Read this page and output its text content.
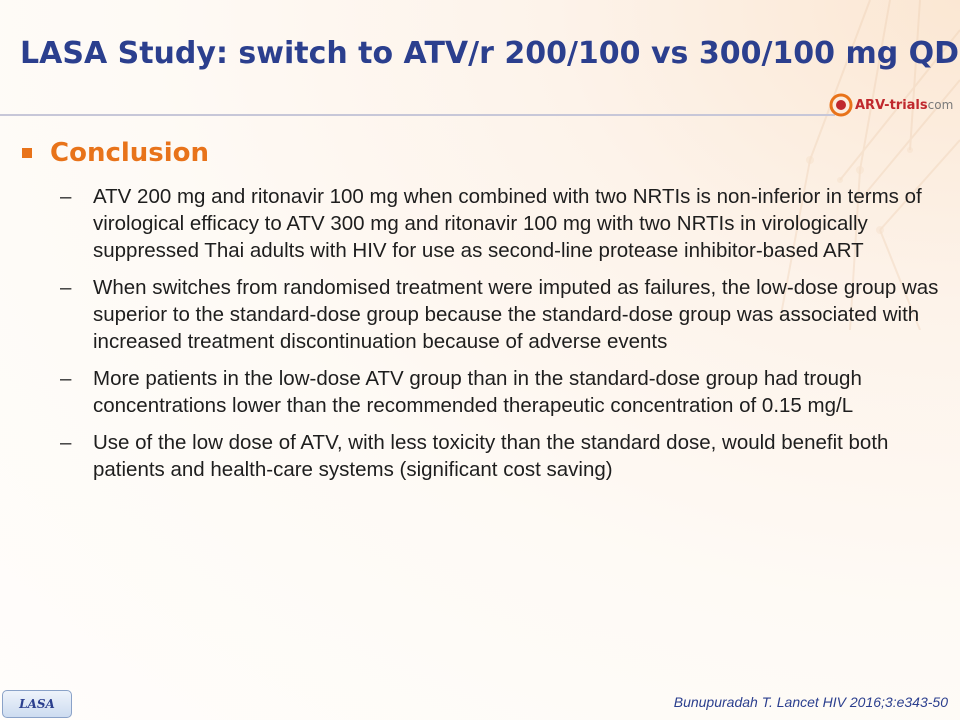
LASA Study: switch to ATV/r 200/100 vs 300/100 mg QD
ARV-trialscom
Conclusion
–	ATV 200 mg and ritonavir 100 mg when combined with two NRTIs is non-inferior in terms of virological efficacy to ATV 300 mg and ritonavir 100 mg with two NRTIs in virologically suppressed Thai adults with HIV for use as second-line protease inhibitor-based ART
–	When switches from randomised treatment were imputed as failures, the low-dose group was superior to the standard-dose group because the standard-dose group was associated with increased treatment discontinuation because of adverse events
–	More patients in the low-dose ATV group than in the standard-dose group had trough concentrations lower than the recommended therapeutic concentration of 0.15 mg/L
–	Use of the low dose of ATV, with less toxicity than the standard dose, would benefit both patients and health-care systems (significant cost saving)
LASA	Bunupuradah T. Lancet HIV 2016;3:e343-50
